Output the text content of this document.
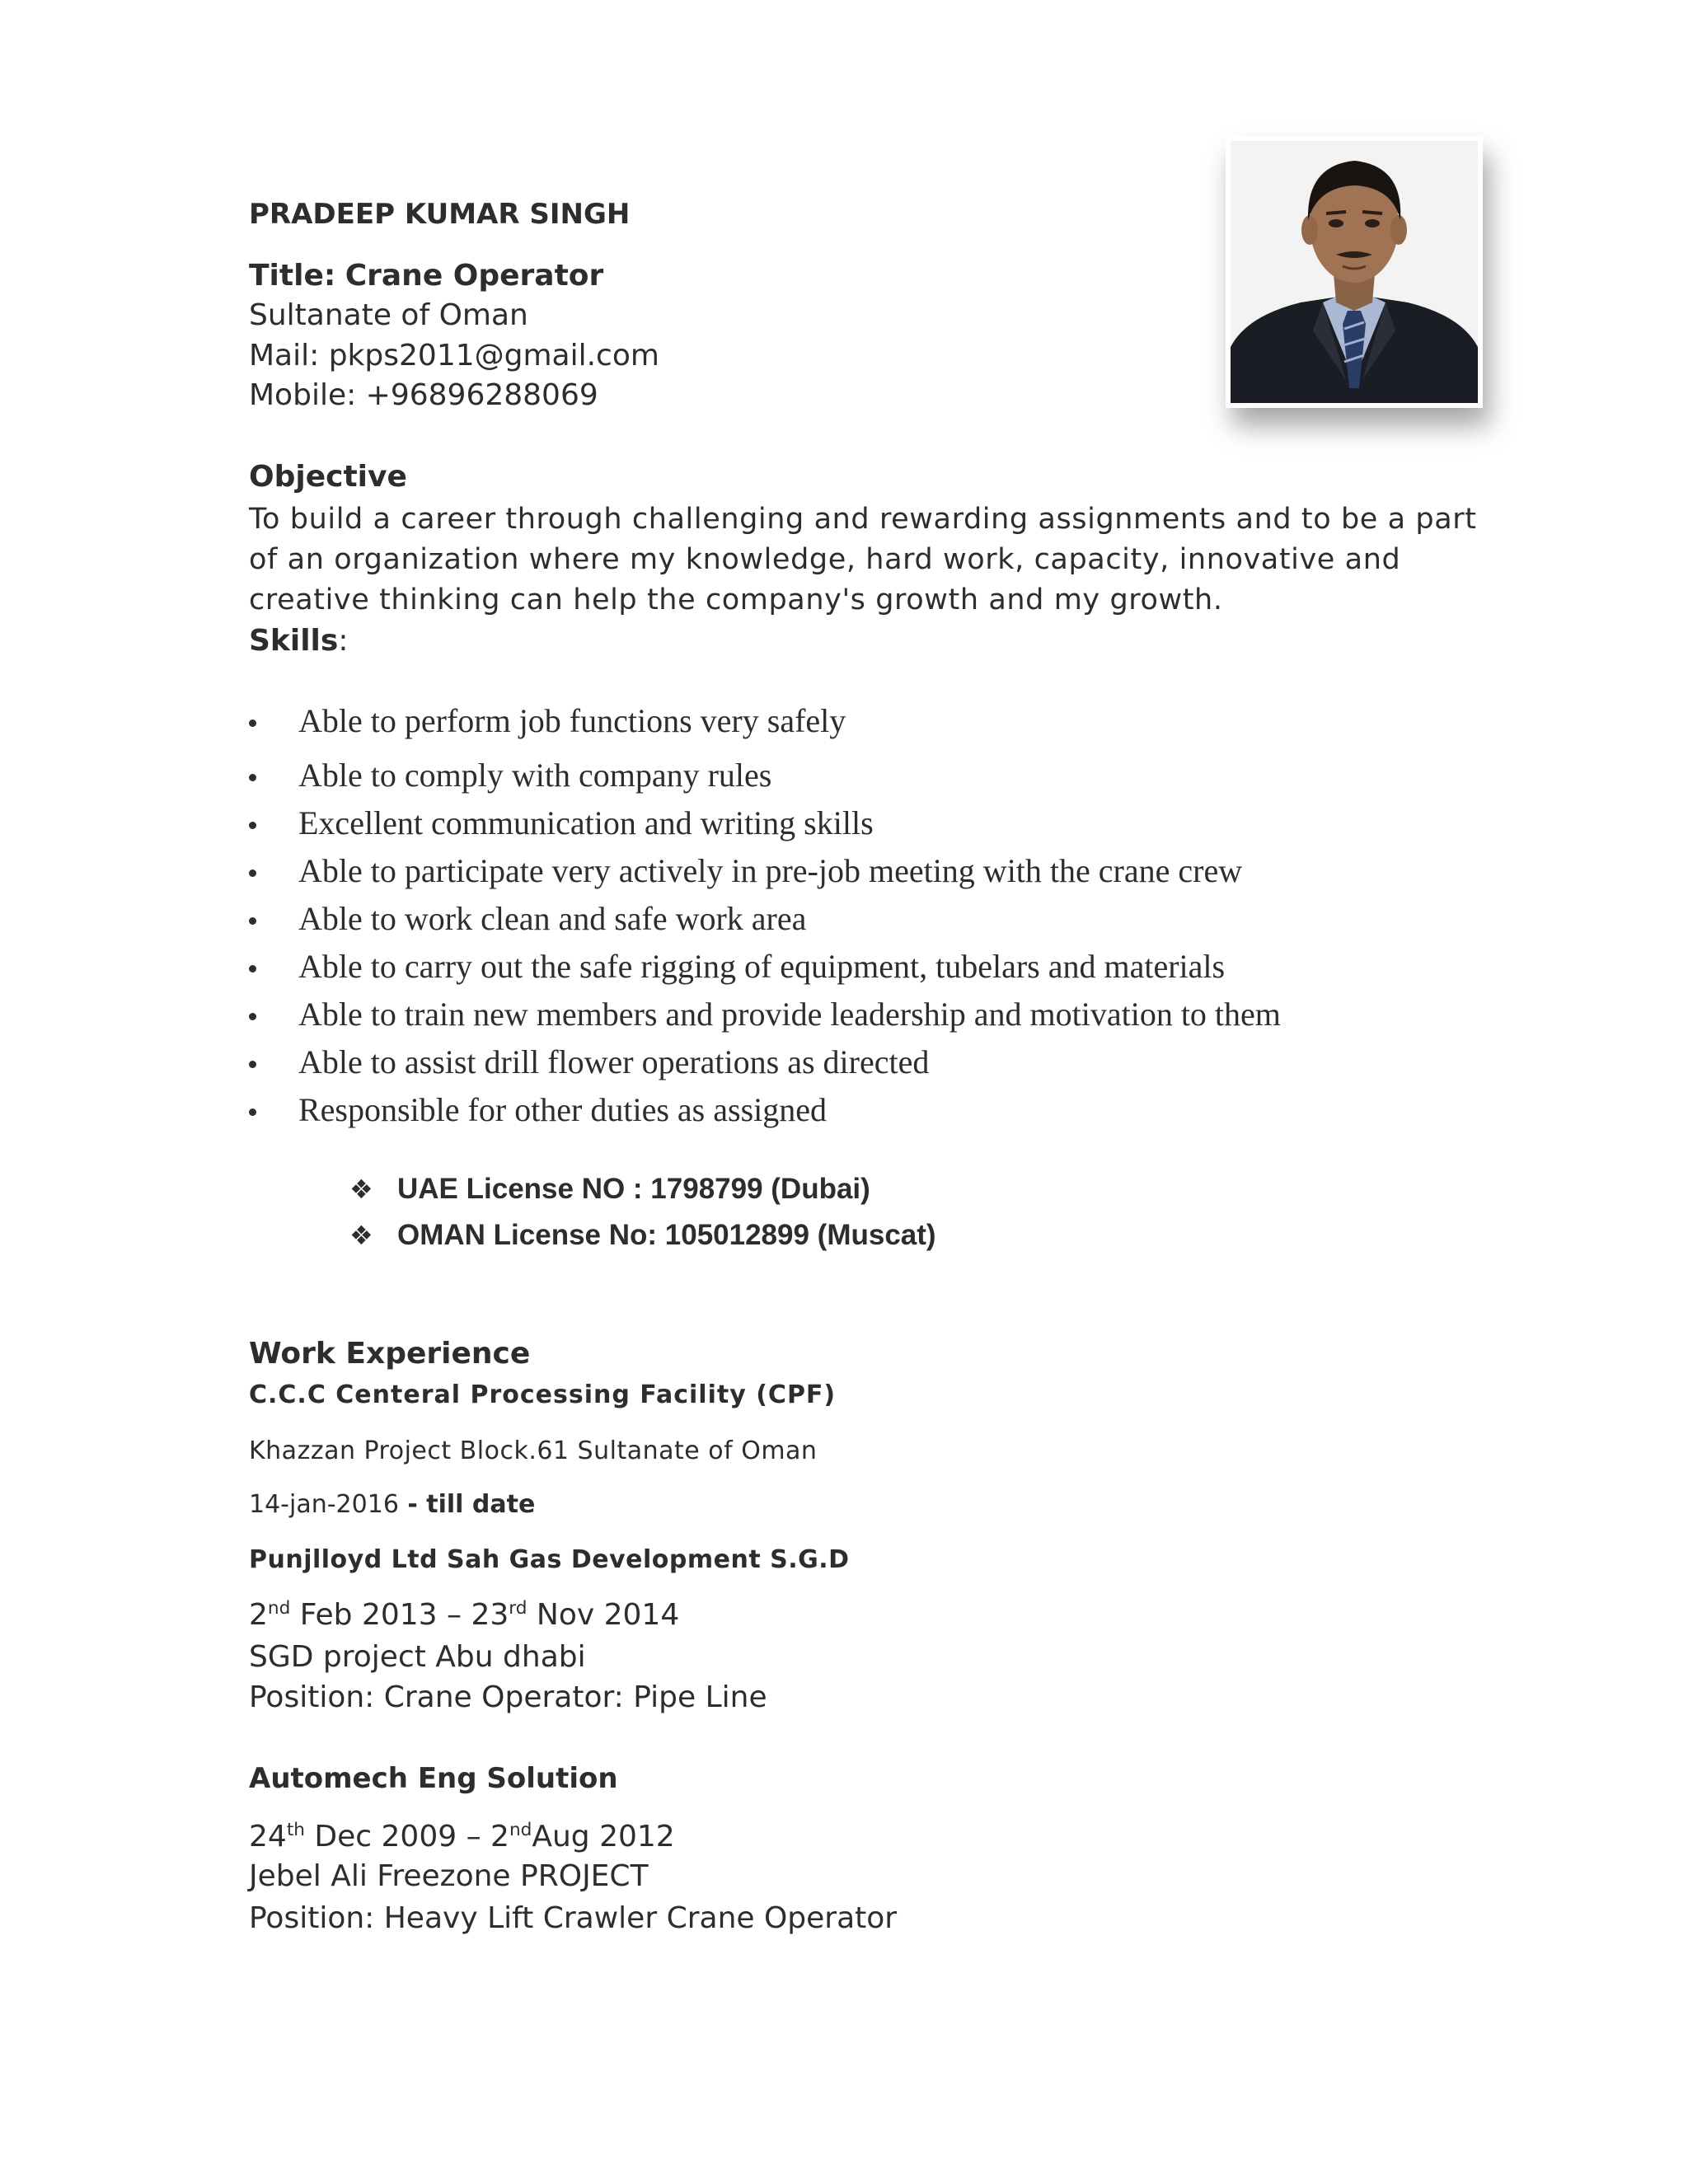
PRADEEP KUMAR SINGH
Title: Crane Operator
Sultanate of Oman
Mail: pkps2011@gmail.com
Mobile: +96896288069
Objective
To build a career through challenging and rewarding assignments and to be a part of an organization where my knowledge, hard work, capacity, innovative and creative thinking can help the company's growth and my growth.
Skills:
Able to perform job functions very safely
Able to comply with company rules
Excellent communication and writing skills
Able to participate very actively in pre-job meeting with the crane crew
Able to work clean and safe work area
Able to carry out the safe rigging of equipment, tubelars and materials
Able to train new members and provide leadership and motivation to them
Able to assist drill flower operations as directed
Responsible for other duties as assigned
❖ UAE License NO : 1798799 (Dubai)
❖ OMAN License No: 105012899 (Muscat)
Work Experience
C.C.C Centeral Processing Facility (CPF)
Khazzan Project Block.61 Sultanate of Oman
14-jan-2016 - till date
Punjlloyd Ltd Sah Gas Development S.G.D
2nd Feb 2013 – 23rd Nov 2014
SGD project Abu dhabi
Position: Crane Operator: Pipe Line
Automech Eng Solution
24th Dec 2009 – 2ndAug 2012
Jebel Ali Freezone PROJECT
Position: Heavy Lift Crawler Crane Operator
